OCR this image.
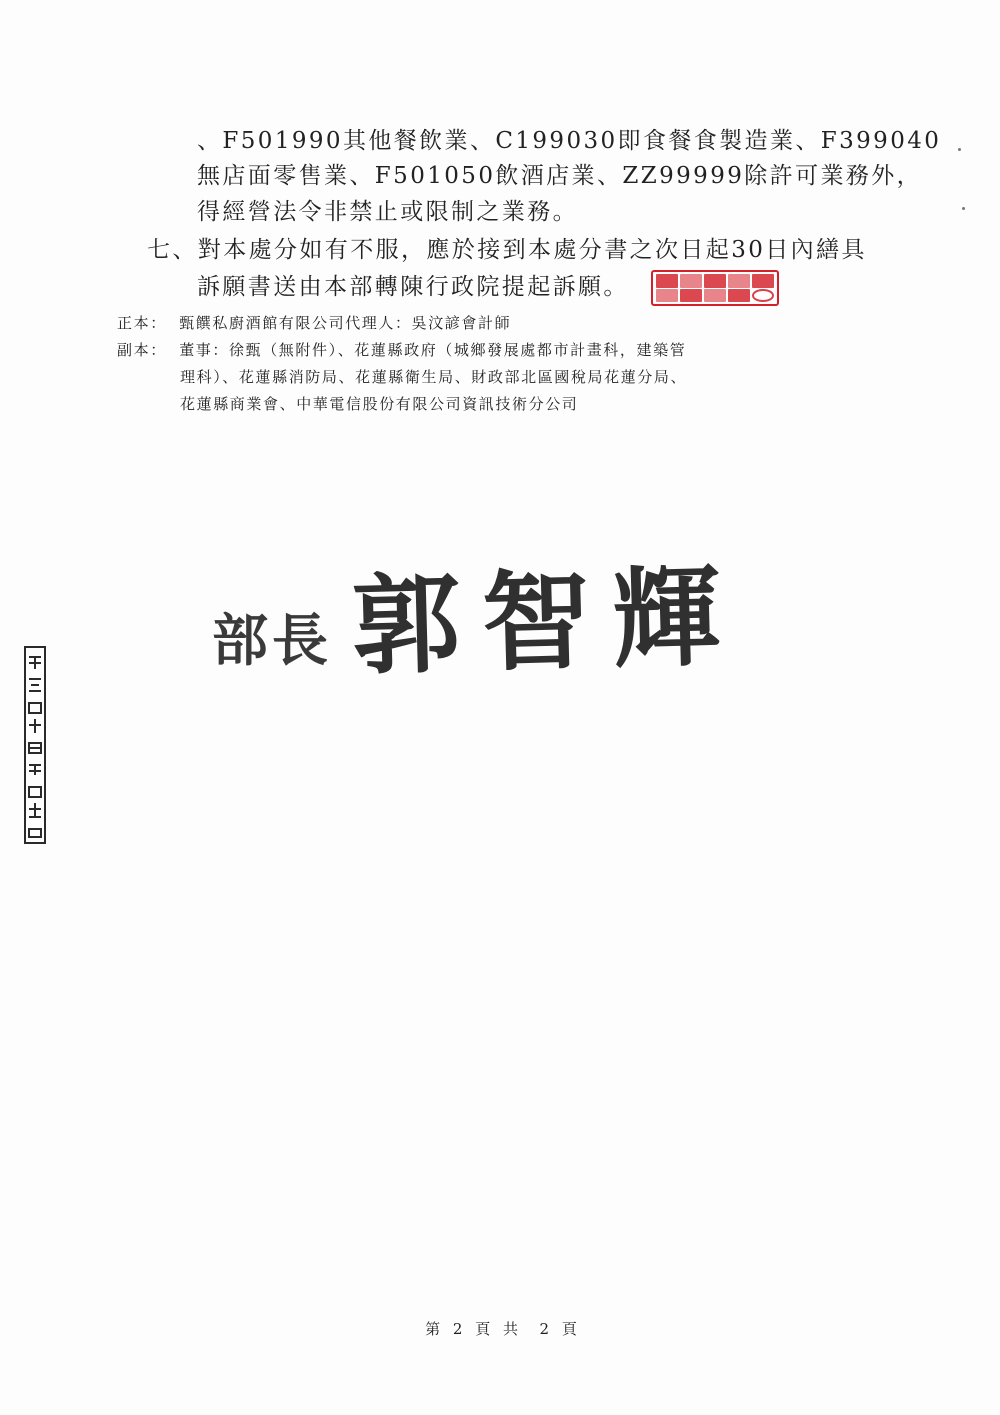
、F501990其他餐飲業、C199030即食餐食製造業、F399040
無店面零售業、F501050飲酒店業、ZZ99999除許可業務外，
得經營法令非禁止或限制之業務。
七、對本處分如有不服，應於接到本處分書之次日起30日內繕具
訴願書送由本部轉陳行政院提起訴願。
正本： 甄饌私廚酒館有限公司代理人：吳汶諺會計師
副本： 董事：徐甄（無附件）、花蓮縣政府（城鄉發展處都市計畫科，建築管
理科）、花蓮縣消防局、花蓮縣衛生局、財政部北區國稅局花蓮分局、
花蓮縣商業會、中華電信股份有限公司資訊技術分公司
部長 郭智輝
第 2 頁 共  2 頁
